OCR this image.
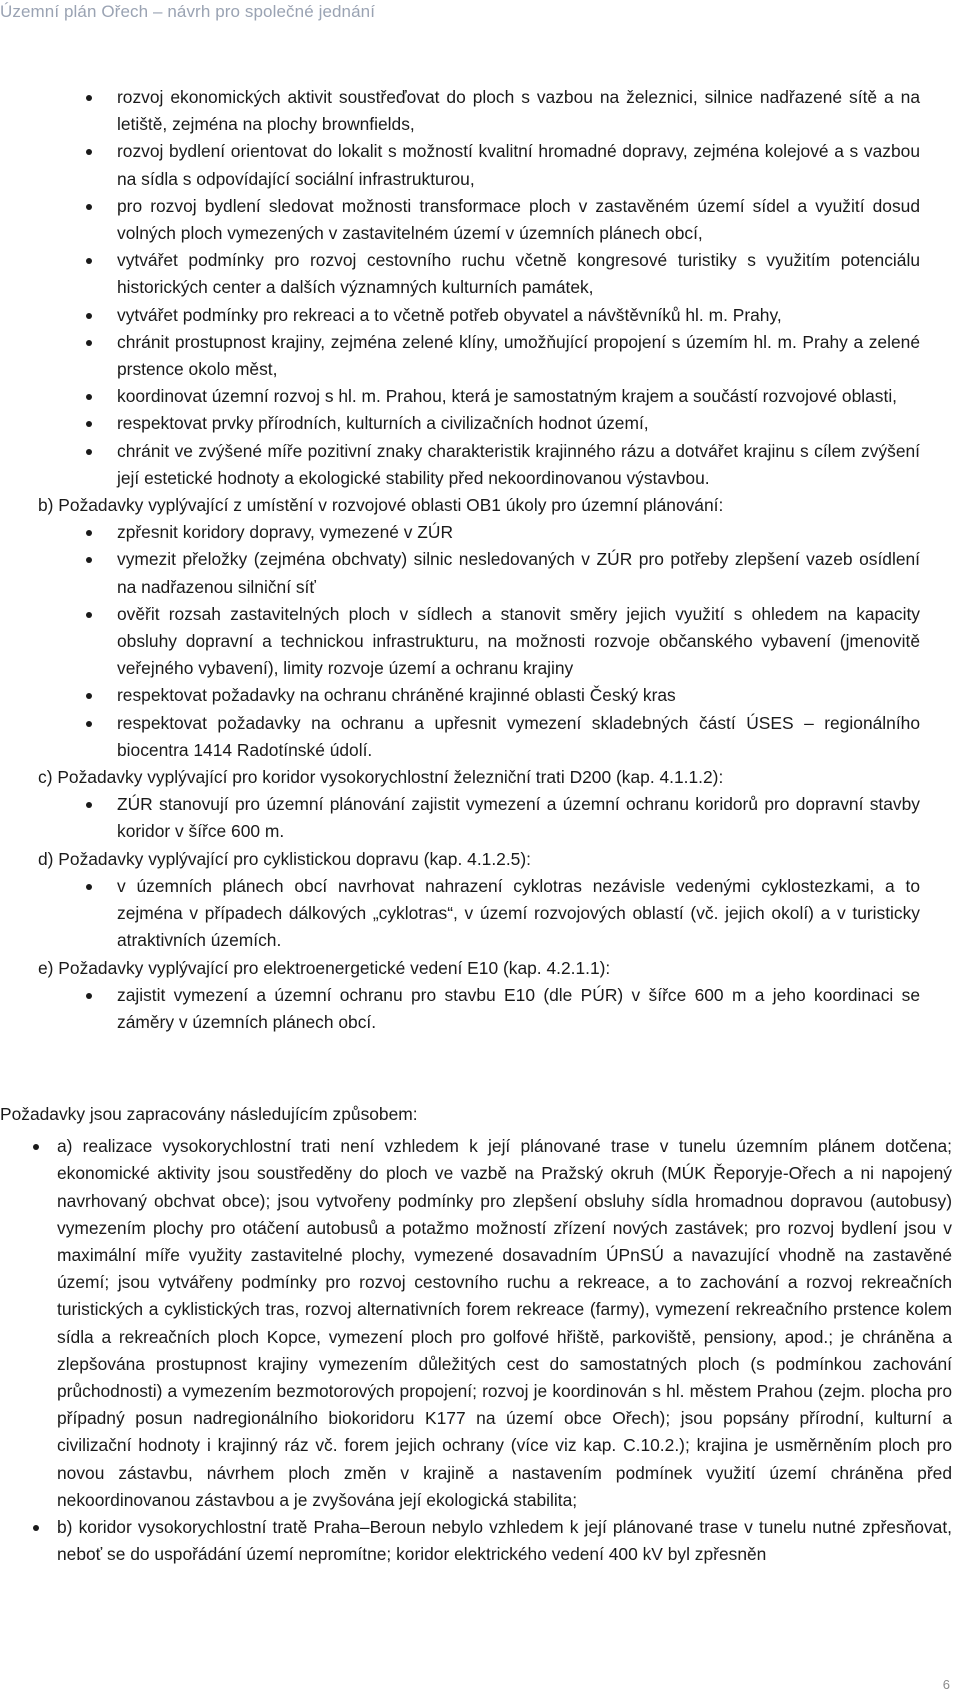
Územní plán Ořech – návrh pro společné jednání
rozvoj ekonomických aktivit soustřeďovat do ploch s vazbou na železnici, silnice nadřazené sítě a na letiště, zejména na plochy brownfields,
rozvoj bydlení orientovat do lokalit s možností kvalitní hromadné dopravy, zejména kolejové a s vazbou na sídla s odpovídající sociální infrastrukturou,
pro rozvoj bydlení sledovat možnosti transformace ploch v zastavěném území sídel a využití dosud volných ploch vymezených v zastavitelném území v územních plánech obcí,
vytvářet podmínky pro rozvoj cestovního ruchu včetně kongresové turistiky s využitím potenciálu historických center a dalších významných kulturních památek,
vytvářet podmínky pro rekreaci a to včetně potřeb obyvatel a návštěvníků hl. m. Prahy,
chránit prostupnost krajiny, zejména zelené klíny, umožňující propojení s územím hl. m. Prahy a zelené prstence okolo měst,
koordinovat územní rozvoj s hl. m. Prahou, která je samostatným krajem a součástí rozvojové oblasti,
respektovat prvky přírodních, kulturních a civilizačních hodnot území,
chránit ve zvýšené míře pozitivní znaky charakteristik krajinného rázu a dotvářet krajinu s cílem zvýšení její estetické hodnoty a ekologické stability před nekoordinovanou výstavbou.

b) Požadavky vyplývající z umístění v rozvojové oblasti OB1 úkoly pro územní plánování:

zpřesnit koridory dopravy, vymezené v ZÚR
vymezit přeložky (zejména obchvaty) silnic nesledovaných v ZÚR pro potřeby zlepšení vazeb osídlení na nadřazenou silniční síť
ověřit rozsah zastavitelných ploch v sídlech a stanovit směry jejich využití s ohledem na kapacity obsluhy dopravní a technickou infrastrukturu, na možnosti rozvoje občanského vybavení (jmenovitě veřejného vybavení), limity rozvoje území a ochranu krajiny
respektovat požadavky na ochranu chráněné krajinné oblasti Český kras
respektovat požadavky na ochranu a upřesnit vymezení skladebných částí ÚSES – regionálního biocentra 1414 Radotínské údolí.

c) Požadavky vyplývající pro koridor vysokorychlostní železniční trati D200 (kap. 4.1.1.2):

ZÚR stanovují pro územní plánování zajistit vymezení a územní ochranu koridorů pro dopravní stavby koridor v šířce 600 m.

d) Požadavky vyplývající pro cyklistickou dopravu (kap. 4.1.2.5):

v územních plánech obcí navrhovat nahrazení cyklotras nezávisle vedenými cyklostezkami, a to zejména v případech dálkových „cyklotras“, v území rozvojových oblastí (vč. jejich okolí) a v turisticky atraktivních územích.

e) Požadavky vyplývající pro elektroenergetické vedení E10 (kap. 4.2.1.1):

zajistit vymezení a územní ochranu pro stavbu E10 (dle PÚR) v šířce 600 m a jeho koordinaci se záměry v územních plánech obcí.

Požadavky jsou zapracovány následujícím způsobem:

a) realizace vysokorychlostní trati není vzhledem k její plánované trase v tunelu územním plánem dotčena; ekonomické aktivity jsou soustředěny do ploch ve vazbě na Pražský okruh (MÚK Řeporyje-Ořech a ni napojený navrhovaný obchvat obce); jsou vytvořeny podmínky pro zlepšení obsluhy sídla hromadnou dopravou (autobusy) vymezením plochy pro otáčení autobusů a potažmo možností zřízení nových zastávek; pro rozvoj bydlení jsou v maximální míře využity zastavitelné plochy, vymezené dosavadním ÚPnSÚ a navazující vhodně na zastavěné území; jsou vytvářeny podmínky pro rozvoj cestovního ruchu a rekreace, a to zachování a rozvoj rekreačních turistických a cyklistických tras, rozvoj alternativních forem rekreace (farmy), vymezení rekreačního prstence kolem sídla a rekreačních ploch Kopce, vymezení ploch pro golfové hřiště, parkoviště, pensiony, apod.; je chráněna a zlepšována prostupnost krajiny vymezením důležitých cest do samostatných ploch (s podmínkou zachování průchodnosti) a vymezením bezmotorových propojení; rozvoj je koordinován s hl. městem Prahou (zejm. plocha pro případný posun nadregionálního biokoridoru K177 na území obce Ořech); jsou popsány přírodní, kulturní a civilizační hodnoty i krajinný ráz vč. forem jejich ochrany (více viz kap. C.10.2.); krajina je usměrněním ploch pro novou zástavbu, návrhem ploch změn v krajině a nastavením podmínek využití území chráněna před nekoordinovanou zástavbou a je zvyšována její ekologická stabilita;
b) koridor vysokorychlostní tratě Praha–Beroun nebylo vzhledem k její plánované trase v tunelu nutné zpřesňovat, neboť se do uspořádání území nepromítne; koridor elektrického vedení 400 kV byl zpřesněn
6
